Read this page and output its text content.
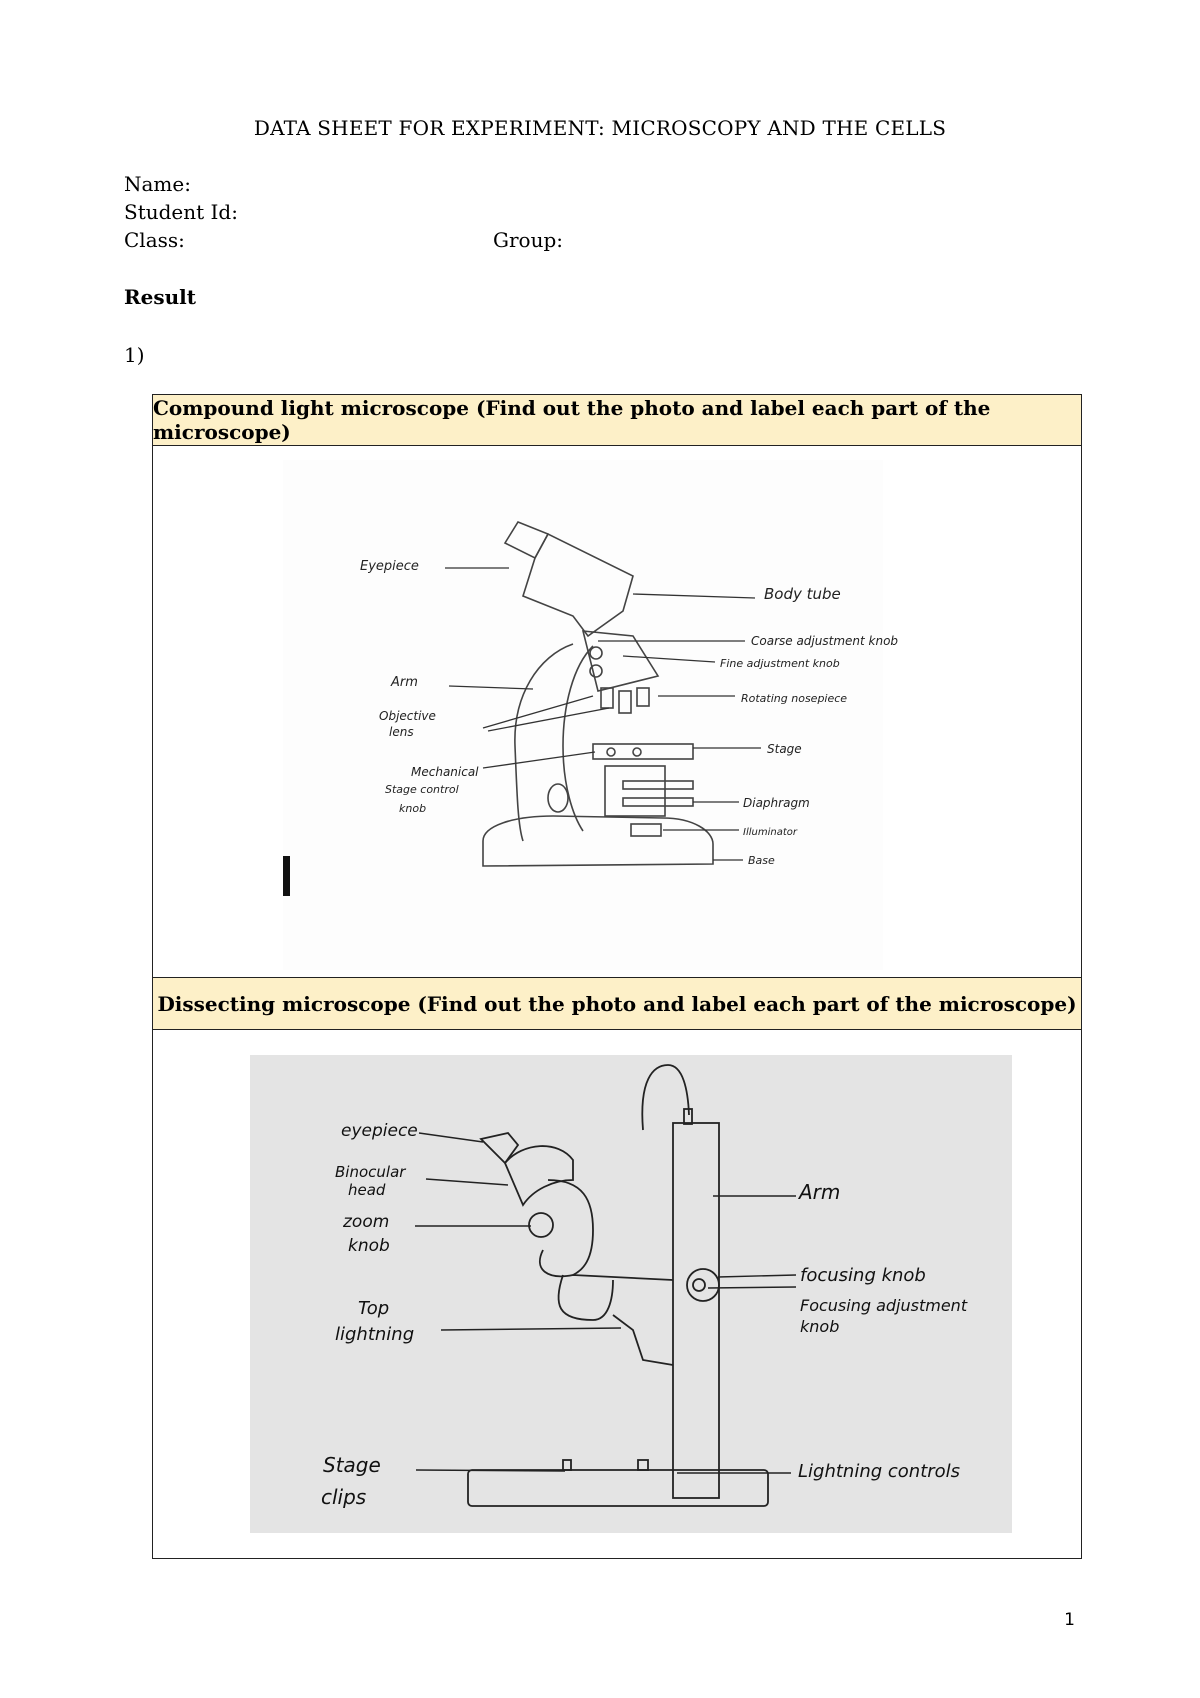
DATA SHEET FOR EXPERIMENT: MICROSCOPY AND THE CELLS
Name:
Student Id:
Class:	Group:
Result
1)
Compound light microscope (Find out the photo and label each part of the microscope)
Eyepiece
Body tube
Coarse adjustment knob
Fine adjustment knob
Arm
Rotating nosepiece
Objective
lens
Stage
Mechanical
Stage control
knob	Diaphragm
Illuminator
Base
Dissecting microscope (Find out the photo and label each part of the microscope)
eyepiece
Binocular
head
zoom
knob
Arm
focusing knob
Focusing adjustment
knob
Top
lightning
Stage
clips
Lightning controls
1
